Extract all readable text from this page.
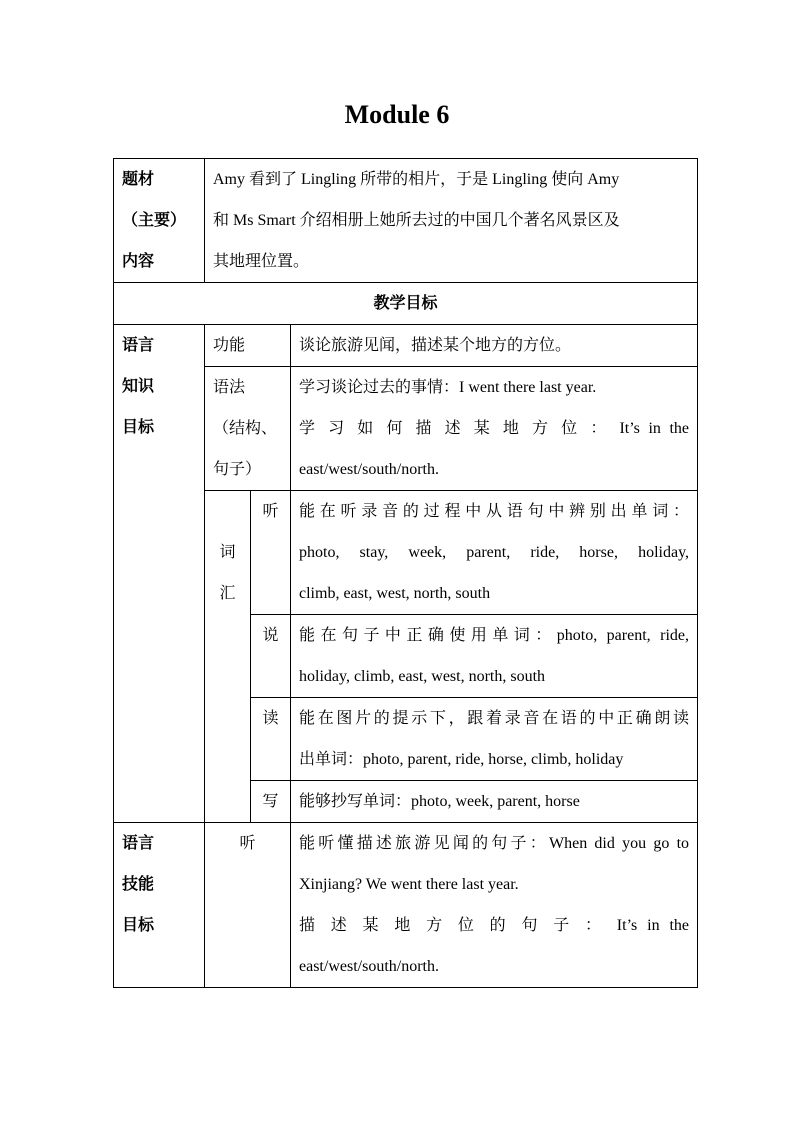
Module 6
题材
（主要）
内容	Amy 看到了 Lingling 所带的相片，于是 Lingling 使向 Amy
和 Ms Smart 介绍相册上她所去过的中国几个著名风景区及
其地理位置。		

教学目标			

语言
知识
目标	功能		谈论旅游见闻，描述某个地方的方位。

	语法
（结构、
句子）		学习谈论过去的事情：I went there last year.
学 习 如 何 描 述 某 地 方 位 ： It’s in the
east/west/south/north.

	词
汇	听	能在听录音的过程中从语句中辨别出单词：
photo, stay, week, parent, ride, horse, holiday,
climb, east, west, north, south

		说	能在句子中正确使用单词：photo, parent, ride,
holiday, climb, east, west, north, south

		读	能在图片的提示下，跟着录音在语的中正确朗读
出单词：photo, parent, ride, horse, climb, holiday

		写	能够抄写单词：photo, week, parent, horse

语言
技能
目标	听		能听懂描述旅游见闻的句子：When did you go to
Xinjiang? We went there last year.
描 述 某 地 方 位 的 句 子 ： It’s in the
east/west/south/north.
